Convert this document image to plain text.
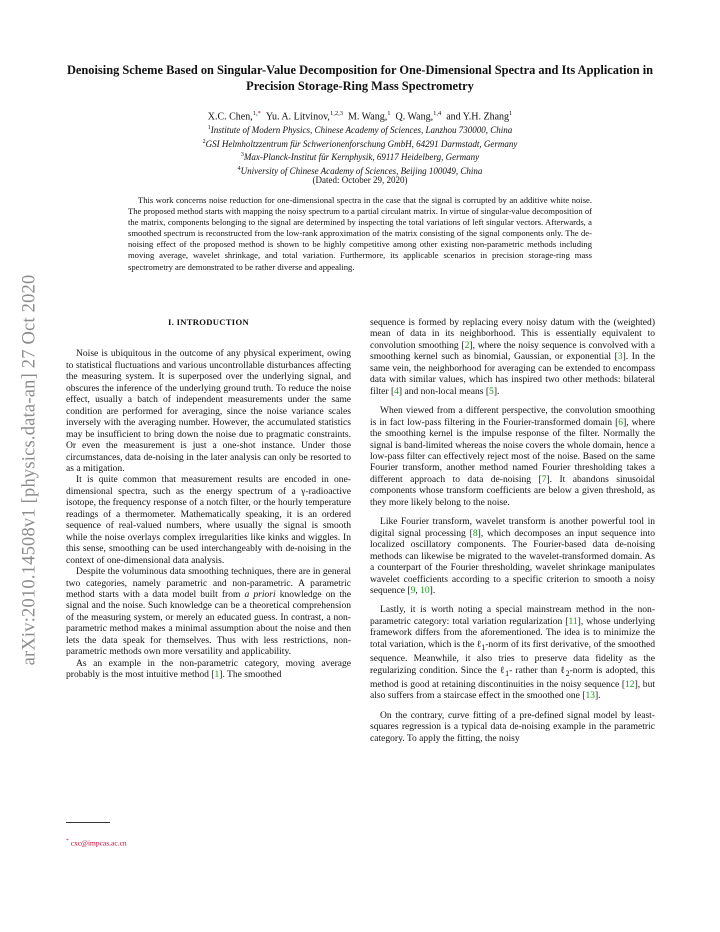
arXiv:2010.14508v1 [physics.data-an] 27 Oct 2020
Denoising Scheme Based on Singular-Value Decomposition for One-Dimensional Spectra and Its Application in Precision Storage-Ring Mass Spectrometry
X.C. Chen,$^{1,*}$  Yu. A. Litvinov,$^{1,2,3}$  M. Wang,$^1$  Q. Wang,$^{1,4}$  and Y.H. Zhang$^1$
$^1$Institute of Modern Physics, Chinese Academy of Sciences, Lanzhou 730000, China
$^2$GSI Helmholtzzentrum für Schwerionenforschung GmbH, 64291 Darmstadt, Germany
$^3$Max-Planck-Institut für Kernphysik, 69117 Heidelberg, Germany
$^4$University of Chinese Academy of Sciences, Beijing 100049, China
(Dated: October 29, 2020)
This work concerns noise reduction for one-dimensional spectra in the case that the signal is corrupted by an additive white noise. The proposed method starts with mapping the noisy spectrum to a partial circulant matrix. In virtue of singular-value decomposition of the matrix, components belonging to the signal are determined by inspecting the total variations of left singular vectors. Afterwards, a smoothed spectrum is reconstructed from the low-rank approximation of the matrix consisting of the signal components only. The de-noising effect of the proposed method is shown to be highly competitive among other existing non-parametric methods including moving average, wavelet shrinkage, and total variation. Furthermore, its applicable scenarios in precision storage-ring mass spectrometry are demonstrated to be rather diverse and appealing.
I. INTRODUCTION

Noise is ubiquitous in the outcome of any physical experiment, owing to statistical fluctuations and various uncontrollable disturbances affecting the measuring system. It is superposed over the underlying signal, and obscures the inference of the underlying ground truth. To reduce the noise effect, usually a batch of independent measurements under the same condition are performed for averaging, since the noise variance scales inversely with the averaging number. However, the accumulated statistics may be insufficient to bring down the noise due to pragmatic constraints. Or even the measurement is just a one-shot instance. Under those circumstances, data de-noising in the later analysis can only be resorted to as a mitigation.

It is quite common that measurement results are encoded in one-dimensional spectra, such as the energy spectrum of a γ-radioactive isotope, the frequency response of a notch filter, or the hourly temperature readings of a thermometer. Mathematically speaking, it is an ordered sequence of real-valued numbers, where usually the signal is smooth while the noise overlays complex irregularities like kinks and wiggles. In this sense, smoothing can be used interchangeably with de-noising in the context of one-dimensional data analysis.

Despite the voluminous data smoothing techniques, there are in general two categories, namely parametric and non-parametric. A parametric method starts with a data model built from a priori knowledge on the signal and the noise. Such knowledge can be a theoretical comprehension of the measuring system, or merely an educated guess. In contrast, a non-parametric method makes a minimal assumption about the noise and then lets the data speak for themselves. Thus with less restrictions, non-parametric methods own more versatility and applicability.

As an example in the non-parametric category, moving average probably is the most intuitive method [1]. The smoothed

sequence is formed by replacing every noisy datum with the (weighted) mean of data in its neighborhood. This is essentially equivalent to convolution smoothing [2], where the noisy sequence is convolved with a smoothing kernel such as binomial, Gaussian, or exponential [3]. In the same vein, the neighborhood for averaging can be extended to encompass data with similar values, which has inspired two other methods: bilateral filter [4] and non-local means [5].

When viewed from a different perspective, the convolution smoothing is in fact low-pass filtering in the Fourier-transformed domain [6], where the smoothing kernel is the impulse response of the filter. Normally the signal is band-limited whereas the noise covers the whole domain, hence a low-pass filter can effectively reject most of the noise. Based on the same Fourier transform, another method named Fourier thresholding takes a different approach to data de-noising [7]. It abandons sinusoidal components whose transform coefficients are below a given threshold, as they more likely belong to the noise.

Like Fourier transform, wavelet transform is another powerful tool in digital signal processing [8], which decomposes an input sequence into localized oscillatory components. The Fourier-based data de-noising methods can likewise be migrated to the wavelet-transformed domain. As a counterpart of the Fourier thresholding, wavelet shrinkage manipulates wavelet coefficients according to a specific criterion to smooth a noisy sequence [9, 10].

Lastly, it is worth noting a special mainstream method in the non-parametric category: total variation regularization [11], whose underlying framework differs from the aforementioned. The idea is to minimize the total variation, which is the ℓ$_1$-norm of its first derivative, of the smoothed sequence. Meanwhile, it also tries to preserve data fidelity as the regularizing condition. Since the ℓ$_1$- rather than ℓ$_2$-norm is adopted, this method is good at retaining discontinuities in the noisy sequence [12], but also suffers from a staircase effect in the smoothed one [13].

On the contrary, curve fitting of a pre-defined signal model by least-squares regression is a typical data de-noising example in the parametric category. To apply the fitting, the noisy

* cxc@impcas.ac.cn
